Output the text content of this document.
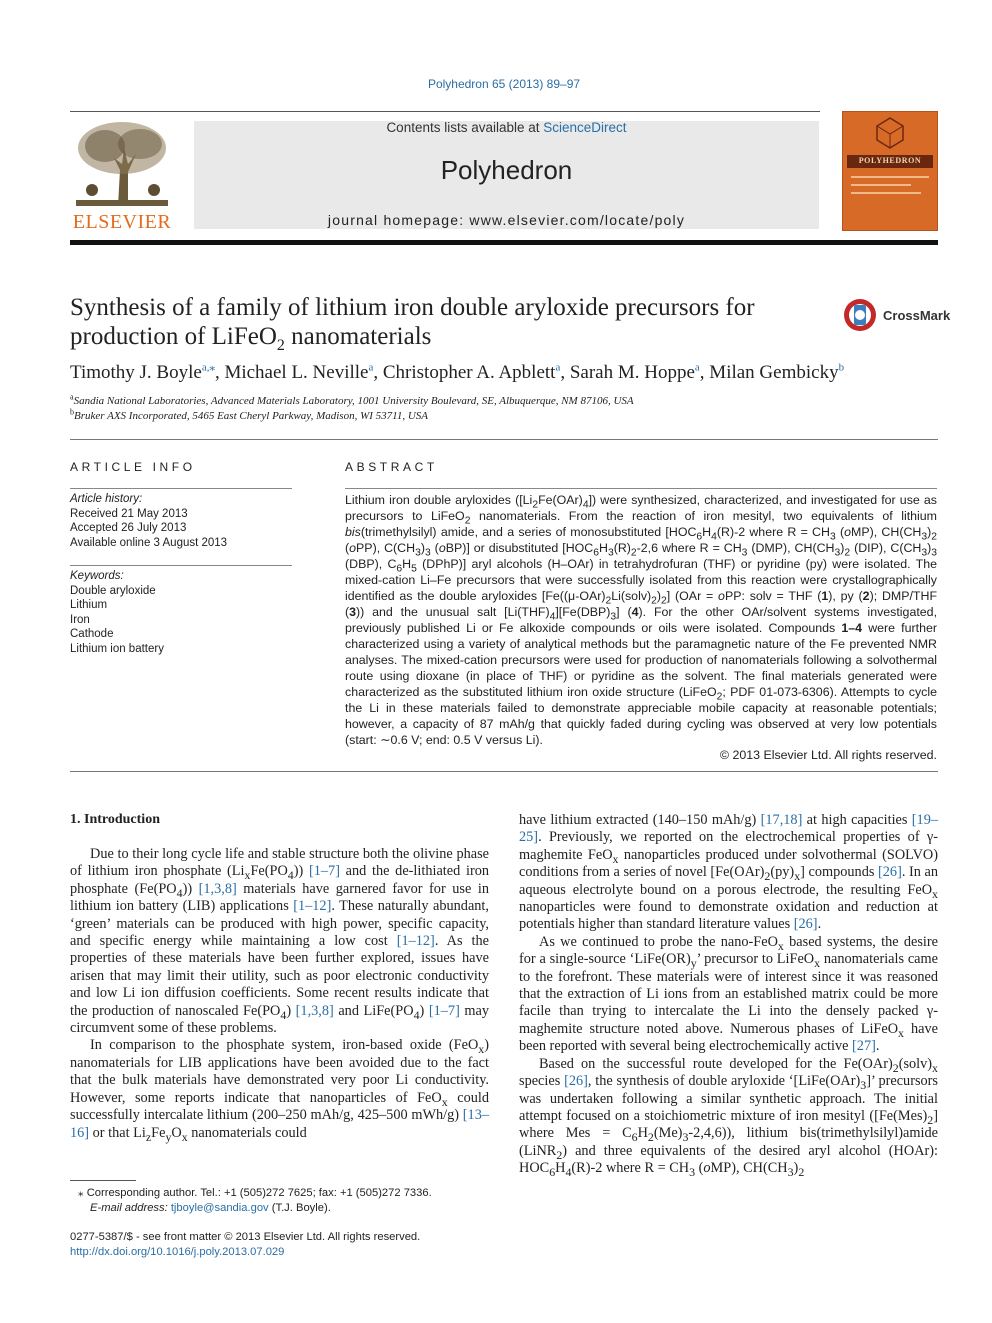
Polyhedron 65 (2013) 89–97
ELSEVIER
Contents lists available at ScienceDirect
Polyhedron
journal homepage: www.elsevier.com/locate/poly
POLYHEDRON
Synthesis of a family of lithium iron double aryloxide precursors for
production of LiFeO$_2$ nanomaterials
CrossMark
Timothy J. Boyle$^{a,⁎}$, Michael L. Neville$^a$, Christopher A. Apblett$^a$, Sarah M. Hoppe$^a$, Milan Gembicky$^b$
$^a$Sandia National Laboratories, Advanced Materials Laboratory, 1001 University Boulevard, SE, Albuquerque, NM 87106, USA
$^b$Bruker AXS Incorporated, 5465 East Cheryl Parkway, Madison, WI 53711, USA
ARTICLE INFO
Article history:
Received 21 May 2013
Accepted 26 July 2013
Available online 3 August 2013
Keywords:
Double aryloxide
Lithium
Iron
Cathode
Lithium ion battery
ABSTRACT
Lithium iron double aryloxides $([Li_2Fe(OAr)_4])$ were synthesized, characterized, and investigated for use as precursors to LiFeO$_2$ nanomaterials. From the reaction of iron mesityl, two equivalents of lithium bis(trimethylsilyl) amide, and a series of monosubstituted [$HOC_6H_4(R)-2$ where $R = CH_3$ (oMP), $CH(CH_3)_2$ (oPP), $C(CH_3)_3$ (oBP)] or disubstituted [$HOC_6H_3(R)_2-2,6$ where $R = CH_3$ (DMP), $CH(CH_3)_2$ (DIP), $C(CH_3)_3$ (DBP), $C_6H_5$ (DPhP)] aryl alcohols (H–OAr) in tetrahydrofuran (THF) or pyridine (py) were isolated. The mixed-cation Li–Fe precursors that were successfully isolated from this reaction were crystallographically identified as the double aryloxides $[Fe((\mu-OAr)_2Li(solv)_2)_2] (OAr$ = oPP: solv = THF (1), py (2); DMP/THF (3)) and the unusual salt $[Li(THF)_4][Fe(DBP)_3]$ (4). For the other OAr/solvent systems investigated, previously published Li or Fe alkoxide compounds or oils were isolated. Compounds 1–4 were further characterized using a variety of analytical methods but the paramagnetic nature of the Fe prevented NMR analyses. The mixed-cation precursors were used for production of nanomaterials following a solvothermal route using dioxane (in place of THF) or pyridine as the solvent. The final materials generated were characterized as the substituted lithium iron oxide structure (LiFeO$_2$; PDF 01-073-6306). Attempts to cycle the Li in these materials failed to demonstrate appreciable mobile capacity at reasonable potentials; however, a capacity of 87 mAh/g that quickly faded during cycling was observed at very low potentials (start: ∼0.6 V; end: 0.5 V versus Li).
© 2013 Elsevier Ltd. All rights reserved.
1. Introduction

Due to their long cycle life and stable structure both the olivine phase of lithium iron phosphate $(Li_xFe(PO_4))$ [1–7] and the de-lithiated iron phosphate $(Fe(PO_4))$ [1,3,8] materials have garnered favor for use in lithium ion battery (LIB) applications [1–12]. These naturally abundant, ‘green’ materials can be produced with high power, specific capacity, and specific energy while maintaining a low cost [1–12]. As the properties of these materials have been further explored, issues have arisen that may limit their utility, such as poor electronic conductivity and low Li ion diffusion coefficients. Some recent results indicate that the production of nanoscaled $Fe(PO_4)$ [1,3,8] and $LiFe(PO_4)$ [1–7] may circumvent some of these problems.

In comparison to the phosphate system, iron-based oxide (FeO$_x$) nanomaterials for LIB applications have been avoided due to the fact that the bulk materials have demonstrated very poor Li conductivity. However, some reports indicate that nanoparticles of FeO$_x$ could successfully intercalate lithium (200–250 mAh/g, 425–500 mWh/g) [13–16] or that $Li_zFe_yO_x$ nanomaterials could

⁎ Corresponding author. Tel.: +1 (505)272 7625; fax: +1 (505)272 7336.
E-mail address: tjboyle@sandia.gov (T.J. Boyle).
0277-5387/$ - see front matter © 2013 Elsevier Ltd. All rights reserved.
http://dx.doi.org/10.1016/j.poly.2013.07.029

have lithium extracted (140–150 mAh/g) [17,18] at high capacities [19–25]. Previously, we reported on the electrochemical properties of γ-maghemite FeO$_x$ nanoparticles produced under solvothermal (SOLVO) conditions from a series of novel $[Fe(OAr)_2(py)_x]$ compounds [26]. In an aqueous electrolyte bound on a porous electrode, the resulting FeO$_x$ nanoparticles were found to demonstrate oxidation and reduction at potentials higher than standard literature values [26].

As we continued to probe the nano-FeO$_x$ based systems, the desire for a single-source ‘$LiFe(OR)_y$’ precursor to LiFeO$_x$ nanomaterials came to the forefront. These materials were of interest since it was reasoned that the extraction of Li ions from an established matrix could be more facile than trying to intercalate the Li into the densely packed γ-maghemite structure noted above. Numerous phases of LiFeO$_x$ have been reported with several being electrochemically active [27].

Based on the successful route developed for the $Fe(OAr)_2(solv)_x$ species [26], the synthesis of double aryloxide ‘$[LiFe(OAr)_3]$’ precursors was undertaken following a similar synthetic approach. The initial attempt focused on a stoichiometric mixture of iron mesityl ($[Fe(Mes)_2]$ where Mes = $C_6H_2(Me)_3-2,4,6$)), lithium bis(trimethylsilyl)amide (LiNR$_2$) and three equivalents of the desired aryl alcohol (HOAr): $HOC_6H_4(R)-2$ where $R = CH_3$ (oMP), $CH(CH_3)_2$
